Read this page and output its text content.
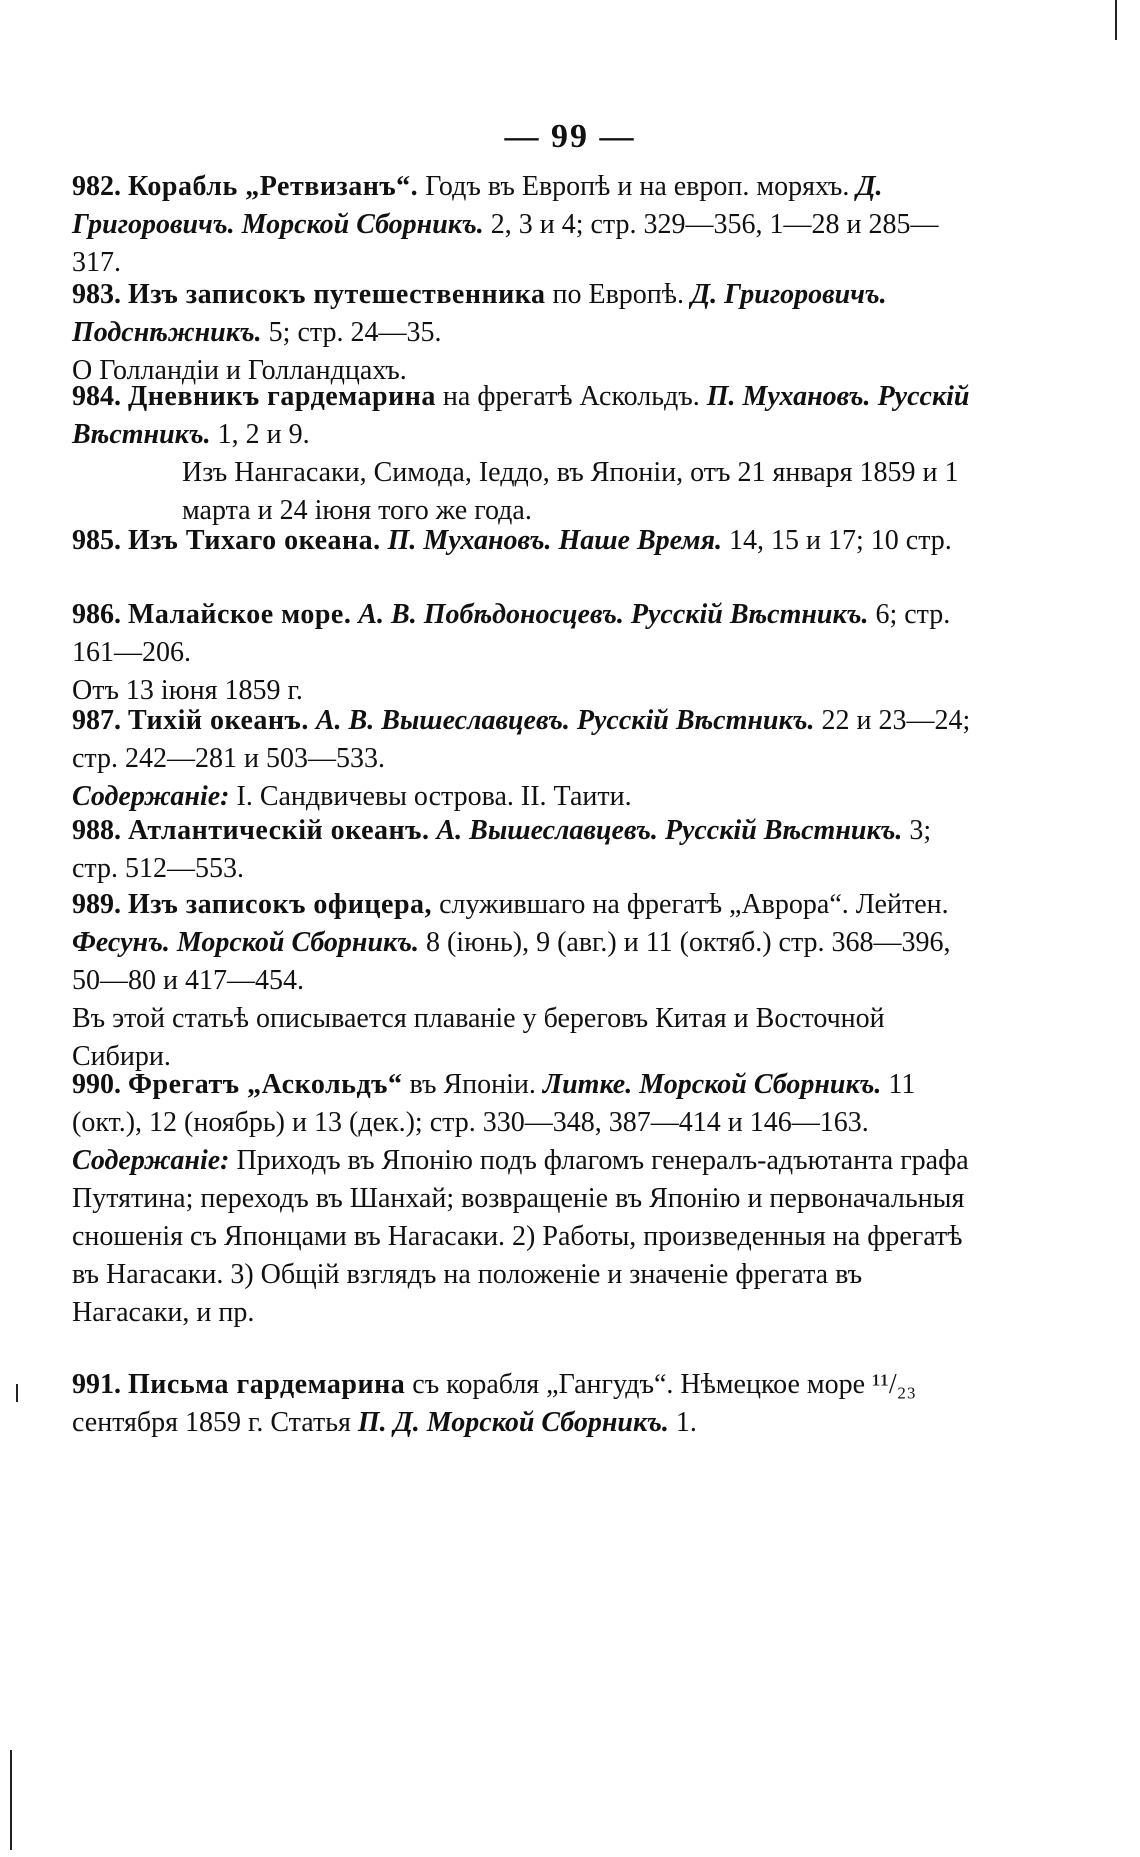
— 99 —

982. Корабль „Ретвизанъ“. Годъ въ Европѣ и на европ. моряхъ. Д. Григоровичъ. Морской Сборникъ. 2, 3 и 4; стр. 329—356, 1—28 и 285—317.

983. Изъ записокъ путешественника по Европѣ. Д. Григоровичъ. Подснѣжникъ. 5; стр. 24—35.

О Голландіи и Голландцахъ.

984. Дневникъ гардемарина на фрегатѣ Аскольдъ. П. Мухановъ. Русскій Вѣстникъ. 1, 2 и 9.

Изъ Нангасаки, Симода, Іеддо, въ Японіи, отъ 21 января 1859 и 1 марта и 24 іюня того же года.

985. Изъ Тихаго океана. П. Мухановъ. Наше Время. 14, 15 и 17; 10 стр.

986. Малайское море. А. В. Побѣдоносцевъ. Русскій Вѣстникъ. 6; стр. 161—206.

Отъ 13 іюня 1859 г.

987. Тихій океанъ. А. В. Вышеславцевъ. Русскій Вѣстникъ. 22 и 23—24; стр. 242—281 и 503—533.

Содержаніе: I. Сандвичевы острова. II. Таити.

988. Атлантическій океанъ. А. Вышеславцевъ. Русскій Вѣстникъ. 3; стр. 512—553.

989. Изъ записокъ офицера, служившаго на фрегатѣ „Аврора“. Лейтен. Фесунъ. Морской Сборникъ. 8 (іюнь), 9 (авг.) и 11 (октяб.) стр. 368—396, 50—80 и 417—454.

Въ этой статьѣ описывается плаваніе у береговъ Китая и Восточной Сибири.

990. Фрегатъ „Аскольдъ“ въ Японіи. Литке. Морской Сборникъ. 11 (окт.), 12 (ноябрь) и 13 (дек.); стр. 330—348, 387—414 и 146—163.

Содержаніе: Приходъ въ Японію подъ флагомъ генералъ-адъютанта графа Путятина; переходъ въ Шанхай; возвращеніе въ Японію и первоначальныя сношенія съ Японцами въ Нагасаки. 2) Работы, произведенныя на фрегатѣ въ Нагасаки. 3) Общій взглядъ на положеніе и значеніе фрегата въ Нагасаки, и пр.

991. Письма гардемарина съ корабля „Гангудъ“. Нѣмецкое море ¹¹/₂₃ сентября 1859 г. Статья П. Д. Морской Сборникъ. 1.
